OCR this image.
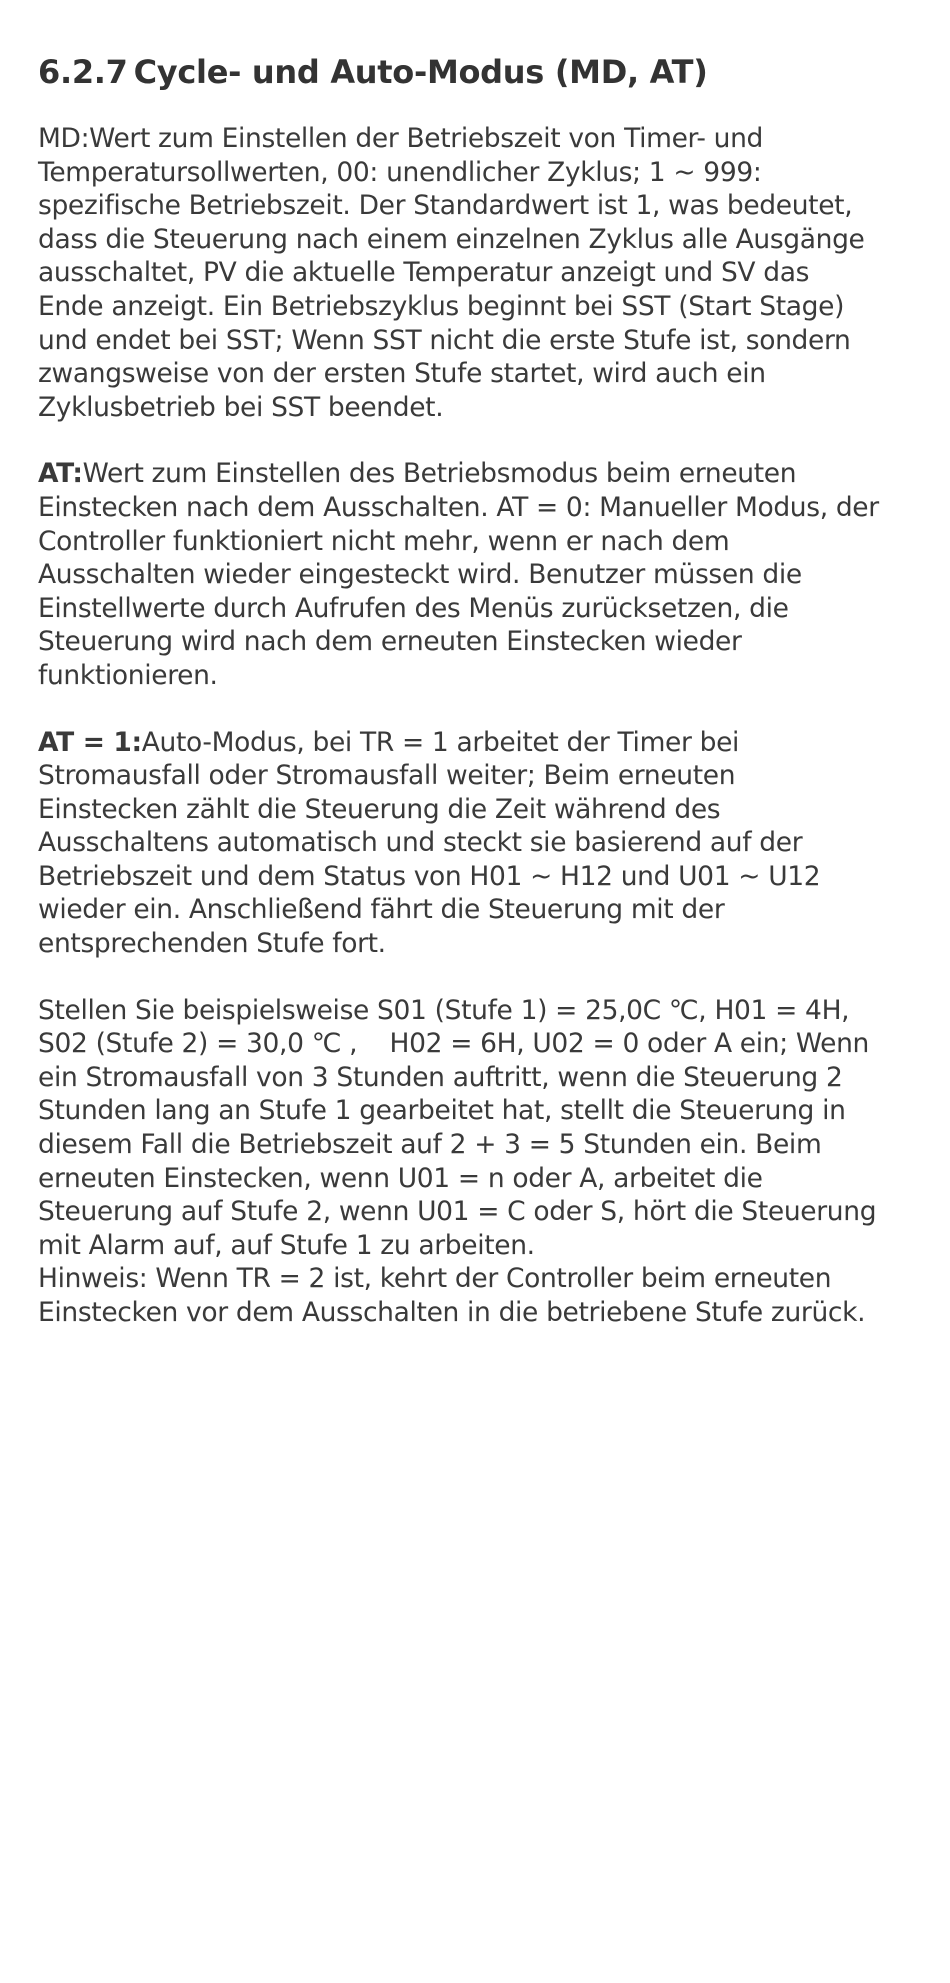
6.2.7 Cycle- und Auto-Modus (MD, AT)

MD:Wert zum Einstellen der Betriebszeit von Timer- und
Temperatursollwerten, 00: unendlicher Zyklus; 1 ~ 999:
spezifische Betriebszeit. Der Standardwert ist 1, was bedeutet,
dass die Steuerung nach einem einzelnen Zyklus alle Ausgänge
ausschaltet, PV die aktuelle Temperatur anzeigt und SV das
Ende anzeigt. Ein Betriebszyklus beginnt bei SST (Start Stage)
und endet bei SST; Wenn SST nicht die erste Stufe ist, sondern
zwangsweise von der ersten Stufe startet, wird auch ein
Zyklusbetrieb bei SST beendet.

AT:Wert zum Einstellen des Betriebsmodus beim erneuten
Einstecken nach dem Ausschalten. AT = 0: Manueller Modus, der
Controller funktioniert nicht mehr, wenn er nach dem
Ausschalten wieder eingesteckt wird. Benutzer müssen die
Einstellwerte durch Aufrufen des Menüs zurücksetzen, die
Steuerung wird nach dem erneuten Einstecken wieder
funktionieren.

AT = 1:Auto-Modus, bei TR = 1 arbeitet der Timer bei
Stromausfall oder Stromausfall weiter; Beim erneuten
Einstecken zählt die Steuerung die Zeit während des
Ausschaltens automatisch und steckt sie basierend auf der
Betriebszeit und dem Status von H01 ~ H12 und U01 ~ U12
wieder ein. Anschließend fährt die Steuerung mit der
entsprechenden Stufe fort.

Stellen Sie beispielsweise S01 (Stufe 1) = 25,0C ℃, H01 = 4H,
S02 (Stufe 2) = 30,0 ℃ ,    H02 = 6H, U02 = 0 oder A ein; Wenn
ein Stromausfall von 3 Stunden auftritt, wenn die Steuerung 2
Stunden lang an Stufe 1 gearbeitet hat, stellt die Steuerung in
diesem Fall die Betriebszeit auf 2 + 3 = 5 Stunden ein. Beim
erneuten Einstecken, wenn U01 = n oder A, arbeitet die
Steuerung auf Stufe 2, wenn U01 = C oder S, hört die Steuerung
mit Alarm auf, auf Stufe 1 zu arbeiten.
Hinweis: Wenn TR = 2 ist, kehrt der Controller beim erneuten
Einstecken vor dem Ausschalten in die betriebene Stufe zurück.
